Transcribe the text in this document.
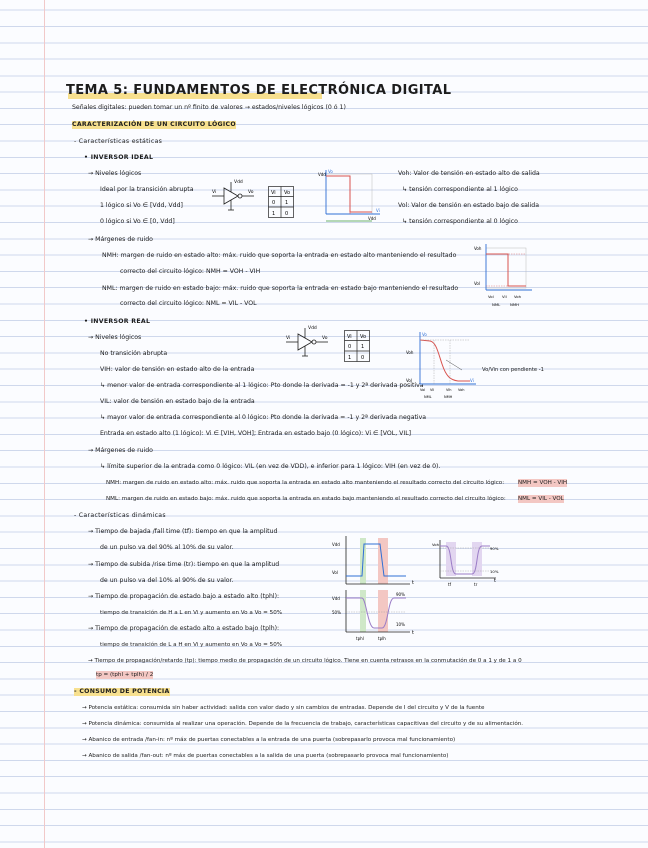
TEMA 5: FUNDAMENTOS DE ELECTRÓNICA DIGITAL
Señales digitales: pueden tomar un nº finito de valores → estados/niveles lógicos (0 ó 1)
CARACTERIZACIÓN DE UN CIRCUITO LÓGICO
- Características estáticas
• INVERSOR IDEAL
→ Niveles lógicos
Ideal por la transición abrupta
1 lógico si Vo ∈ [Vdd, Vdd]
0 lógico si Vo ∈ [0, Vdd]
Voh: Valor de tensión en estado alto de salida
↳ tensión correspondiente al 1 lógico
Vol: Valor de tensión en estado bajo de salida
↳ tensión correspondiente al 0 lógico
→ Márgenes de ruido
NMH: margen de ruido en estado alto: máx. ruido que soporta la entrada en estado alto manteniendo el resultado
correcto del circuito lógico: NMH = VOH - VIH
NML: margen de ruido en estado bajo: máx. ruido que soporta la entrada en estado bajo manteniendo el resultado
correcto del circuito lógico: NML = VIL - VOL
• INVERSOR REAL
→ Niveles lógicos
No transición abrupta
VIH: valor de tensión en estado alto de la entrada
↳ menor valor de entrada correspondiente al 1 lógico: Pto donde la derivada = -1 y 2ª derivada positiva
VIL: valor de tensión en estado bajo de la entrada
↳ mayor valor de entrada correspondiente al 0 lógico: Pto donde la derivada = -1 y 2ª derivada negativa
Entrada en estado alto (1 lógico): Vi ∈ [VIH, VOH]; Entrada en estado bajo (0 lógico): Vi ∈ [VOL, VIL]
→ Márgenes de ruido
↳ límite superior de la entrada como 0 lógico: VIL (en vez de VDD), e inferior para 1 lógico: VIH (en vez de 0).
NMH: margen de ruido en estado alto: máx. ruido que soporta la entrada en estado alto manteniendo el resultado correcto del circuito lógico: NMH = VOH - VIH
NML: margen de ruido en estado bajo: máx. ruido que soporta la entrada en estado bajo manteniendo el resultado correcto del circuito lógico: NML = VIL - VOL
Vo/Vin con pendiente -1
- Características dinámicas
→ Tiempo de bajada /fall time (tf): tiempo en que la amplitud
de un pulso va del 90% al 10% de su valor.
→ Tiempo de subida /rise time (tr): tiempo en que la amplitud
de un pulso va del 10% al 90% de su valor.
→ Tiempo de propagación de estado bajo a estado alto (tphl):
tiempo de transición de H a L en Vi y aumento en Vo a Vo = 50%
→ Tiempo de propagación de estado alto a estado bajo (tplh):
tiempo de transición de L a H en Vi y aumento en Vo a Vo = 50%
→ Tiempo de propagación/retardo (tp): tiempo medio de propagación de un circuito lógico. Tiene en cuenta retrasos en la conmutación de 0 a 1 y de 1 a 0
tp = (tphl + tplh) / 2
- CONSUMO DE POTENCIA
→ Potencia estática: consumida sin haber actividad: salida con valor dado y sin cambios de entradas. Depende de I del circuito y V de la fuente
→ Potencia dinámica: consumida al realizar una operación. Depende de la frecuencia de trabajo, características capacitivas del circuito y de su alimentación.
→ Abanico de entrada /fan-in: nº máx de puertas conectables a la entrada de una puerta (sobrepasarlo provoca mal funcionamiento)
→ Abanico de salida /fan-out: nº máx de puertas conectables a la salida de una puerta (sobrepasarlo provoca mal funcionamiento)
Vdd
Vi	Vo	Vi Vo
0 1
1 0
Vdd
Vo
Vi
Vdd
Voh
Vol
Vol Vil Voh
NML	NMH
Vdd
Vi	Vo	Vi Vo
0 1
1 0
Vo
Voh
Vol	Vi
Vol Vil	Vih Voh
NML	NMH
Vdd
Vol
t
Vdd
50%
90%
10%
tphl	tplh
t
Voh
90%
10%
tf	tr
t
